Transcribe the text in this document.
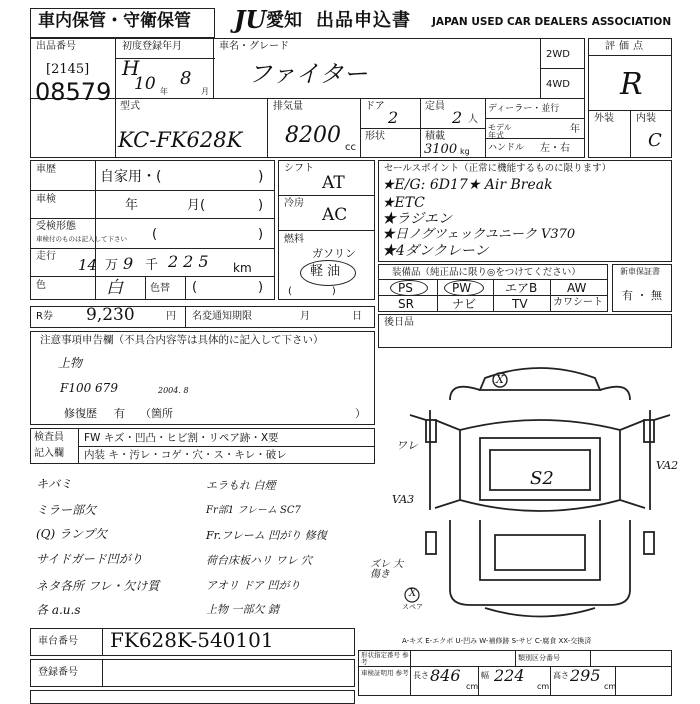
車内保管・守衛保管 JU 愛知 出品申込書 JAPAN USED CAR DEALERS ASSOCIATION
出品番号
[2145]
08579
初度登録年月
H
10 年
8
月
車名・グレード
ファイター
2WD
4WD
評価点
R
外装 内装
C
型式
KC-FK628K
排気量
8200 cc
ドア
2
定員
2 人
形状	積載
3100 kg
ディーラー・並行
モデル 年式
年
ハンドル 左・右
車歴	自家用・(	)
車検	年	月(	)
受検形態
車検付のものは記入して下さい (	)
走行 14 万 9 千 225 km
色	白	色替 (	)
シフト
AT
冷房
AC
燃料
ガソリン
軽 油
(　　　　)
セールスポイント（正常に機能するものに限ります）
★E/G: 6D17★ Air Break
★ETC
★ラジエン
★日ノグツェックユニーク V370
★4ダンクレーン
装備品（純正品に限り◎をつけてください）
PS	PW	エアB AW
SR	ナビ	TV	カワシート
新車保証書
有 ・ 無
R券 9,230	円 名変通知期限	月	日
後日品
注意事項申告欄（不具合内容等は具体的に記入して下さい）
上物
F100 679	2004. 8
修復歴 有 （箇所	）
検査員
記入欄
FW キズ・凹凸・ヒビ割・リペア跡・X要
内装 キ・汚レ・コゲ・穴・ス・キレ・破レ
キバミ
ミラー部欠
(Q) ランプ欠
サイドガード凹がり
ネタ各所 フレ・欠け質
各 a.u.s
エラもれ 白煙
Fr部1 フレーム SC7
Fr.フレーム 凹がり 修復
荷台床板ハリ ワレ 穴
アオリ ドア 凹がり
上物 一部欠 錆
X
S2
ワレ
VA3
VA2
ズレ 大 傷き
X
スペア
A-キズ E-エクボ U-凹み W-補修跡 S-サビ C-腐食 XX-交換済
車台番号 FK628K-540101
登録番号
形状指定番号 参考	類別区分番号
車検証明用 参考 長さ 846
cm
幅 224
cm
高さ 295
cm
